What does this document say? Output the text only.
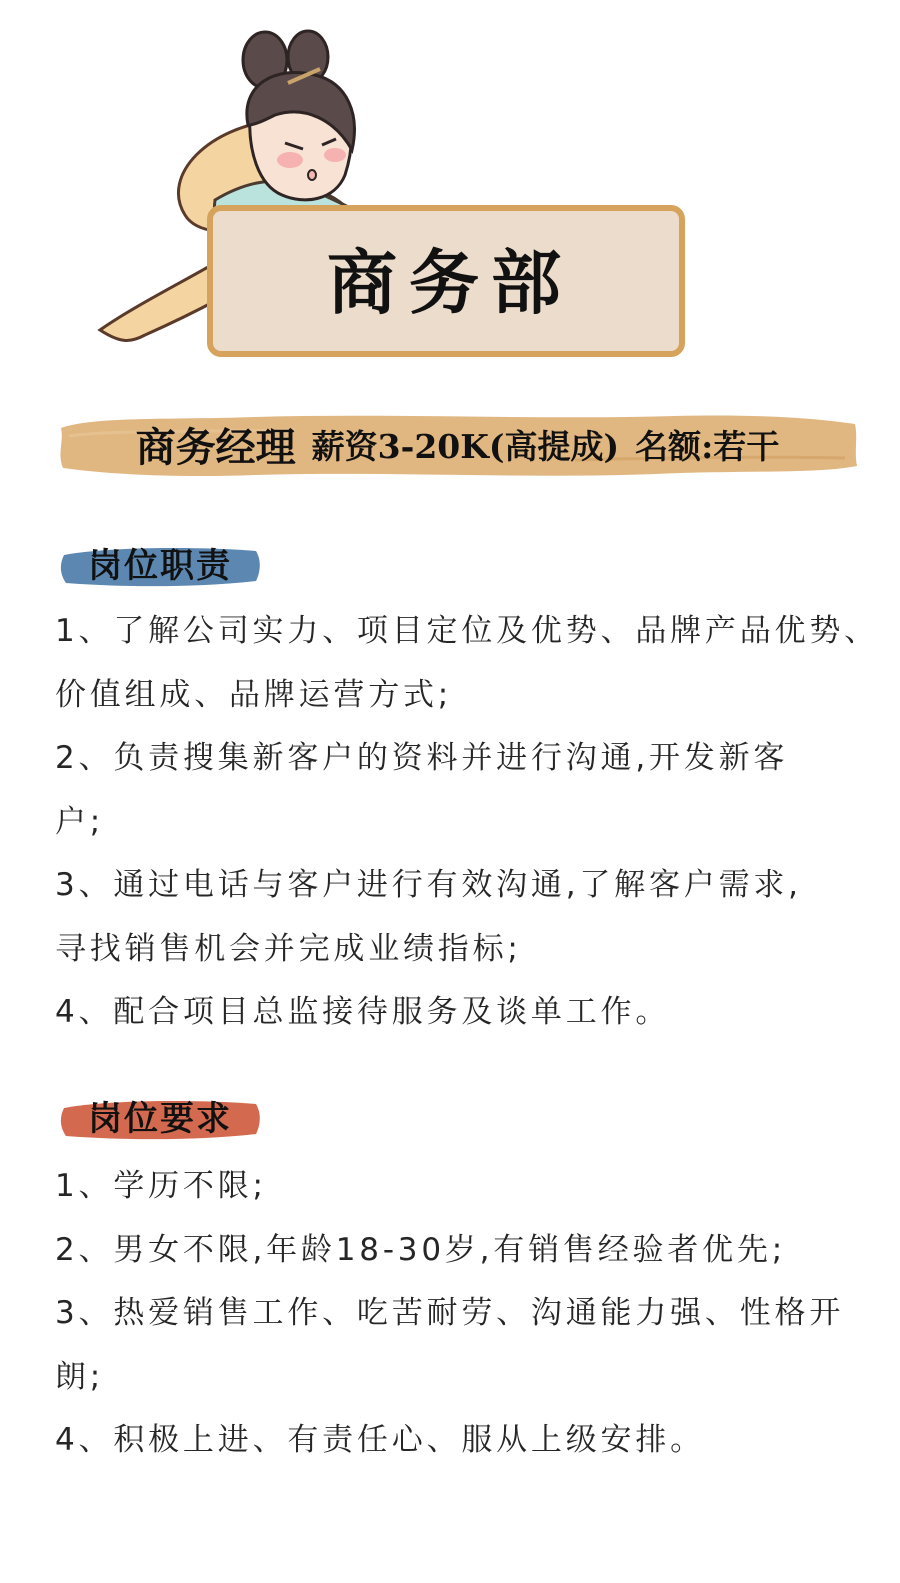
商务部
商务经理 薪资3-20K(高提成) 名额:若干
岗位职责
1、了解公司实力、项目定位及优势、品牌产品优势、
价值组成、品牌运营方式;
2、负责搜集新客户的资料并进行沟通,开发新客
户;
3、通过电话与客户进行有效沟通,了解客户需求,
寻找销售机会并完成业绩指标;
4、配合项目总监接待服务及谈单工作。
岗位要求
1、学历不限;
2、男女不限,年龄18-30岁,有销售经验者优先;
3、热爱销售工作、吃苦耐劳、沟通能力强、性格开
朗;
4、积极上进、有责任心、服从上级安排。
